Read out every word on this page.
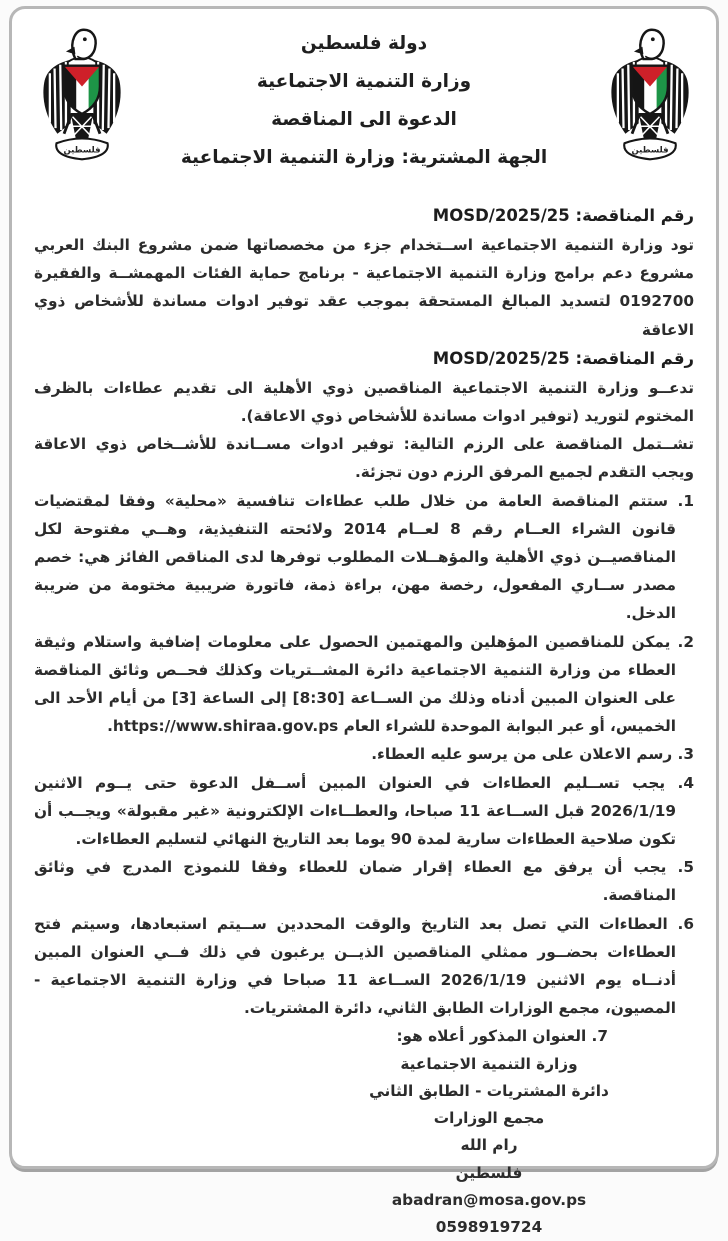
دولة فلسطين
وزارة التنمية الاجتماعية
الدعوة الى المناقصة
الجهة المشترية: وزارة التنمية الاجتماعية
رقم المناقصة: MOSD/2025/25
تود وزارة التنمية الاجتماعية اســتخدام جزء من مخصصاتها ضمن مشروع البنك العربي مشروع دعم برامج وزارة التنمية الاجتماعية - برنامج حماية الفئات المهمشــة والفقيرة 0192700 لتسديد المبالغ المستحقة بموجب عقد توفير ادوات مساندة للأشخاص ذوي الاعاقة
رقم المناقصة: MOSD/2025/25
تدعــو وزارة التنمية الاجتماعية المناقصين ذوي الأهلية الى تقديم عطاءات بالظرف المختوم لتوريد (توفير ادوات مساندة للأشخاص ذوي الاعاقة).
تشــتمل المناقصة على الرزم التالية: توفير ادوات مســاندة للأشــخاص ذوي الاعاقة ويجب التقدم لجميع المرفق الرزم دون تجزئة.
1. ستتم المناقصة العامة من خلال طلب عطاءات تنافسية «محلية» وفقا لمقتضيات قانون الشراء العــام رقم 8 لعــام 2014 ولائحته التنفيذية، وهــي مفتوحة لكل المناقصيــن ذوي الأهلية والمؤهــلات المطلوب توفرها لدى المناقص الفائز هي: خصم مصدر ســاري المفعول، رخصة مهن، براءة ذمة، فاتورة ضريبية مختومة من ضريبة الدخل.
2. يمكن للمناقصين المؤهلين والمهتمين الحصول على معلومات إضافية واستلام وثيقة العطاء من وزارة التنمية الاجتماعية دائرة المشــتريات وكذلك فحــص وثائق المناقصة على العنوان المبين أدناه وذلك من الســاعة [8:30] إلى الساعة [3] من أيام الأحد الى الخميس، أو عبر البوابة الموحدة للشراء العام https://www.shiraa.gov.ps.
3. رسم الاعلان على من يرسو عليه العطاء.
4. يجب تســليم العطاءات في العنوان المبين أســفل الدعوة حتى يــوم الاثنين 2026/1/19 قبل الســاعة 11 صباحا، والعطــاءات الإلكترونية «غير مقبولة» ويجــب أن تكون صلاحية العطاءات سارية لمدة 90 يوما بعد التاريخ النهائي لتسليم العطاءات.
5. يجب أن يرفق مع العطاء إقرار ضمان للعطاء وفقا للنموذج المدرج في وثائق المناقصة.
6. العطاءات التي تصل بعد التاريخ والوقت المحددين ســيتم استبعادها، وسيتم فتح العطاءات بحضــور ممثلي المناقصين الذيــن يرغبون في ذلك فــي العنوان المبين أدنــاه يوم الاثنين 2026/1/19 الســاعة 11 صباحا في وزارة التنمية الاجتماعية - المصيون، مجمع الوزارات الطابق الثاني، دائرة المشتريات.
7. العنوان المذكور أعلاه هو:
وزارة التنمية الاجتماعية
دائرة المشتريات - الطابق الثاني
مجمع الوزارات
رام الله
فلسطين
abadran@mosa.gov.ps
0598919724
